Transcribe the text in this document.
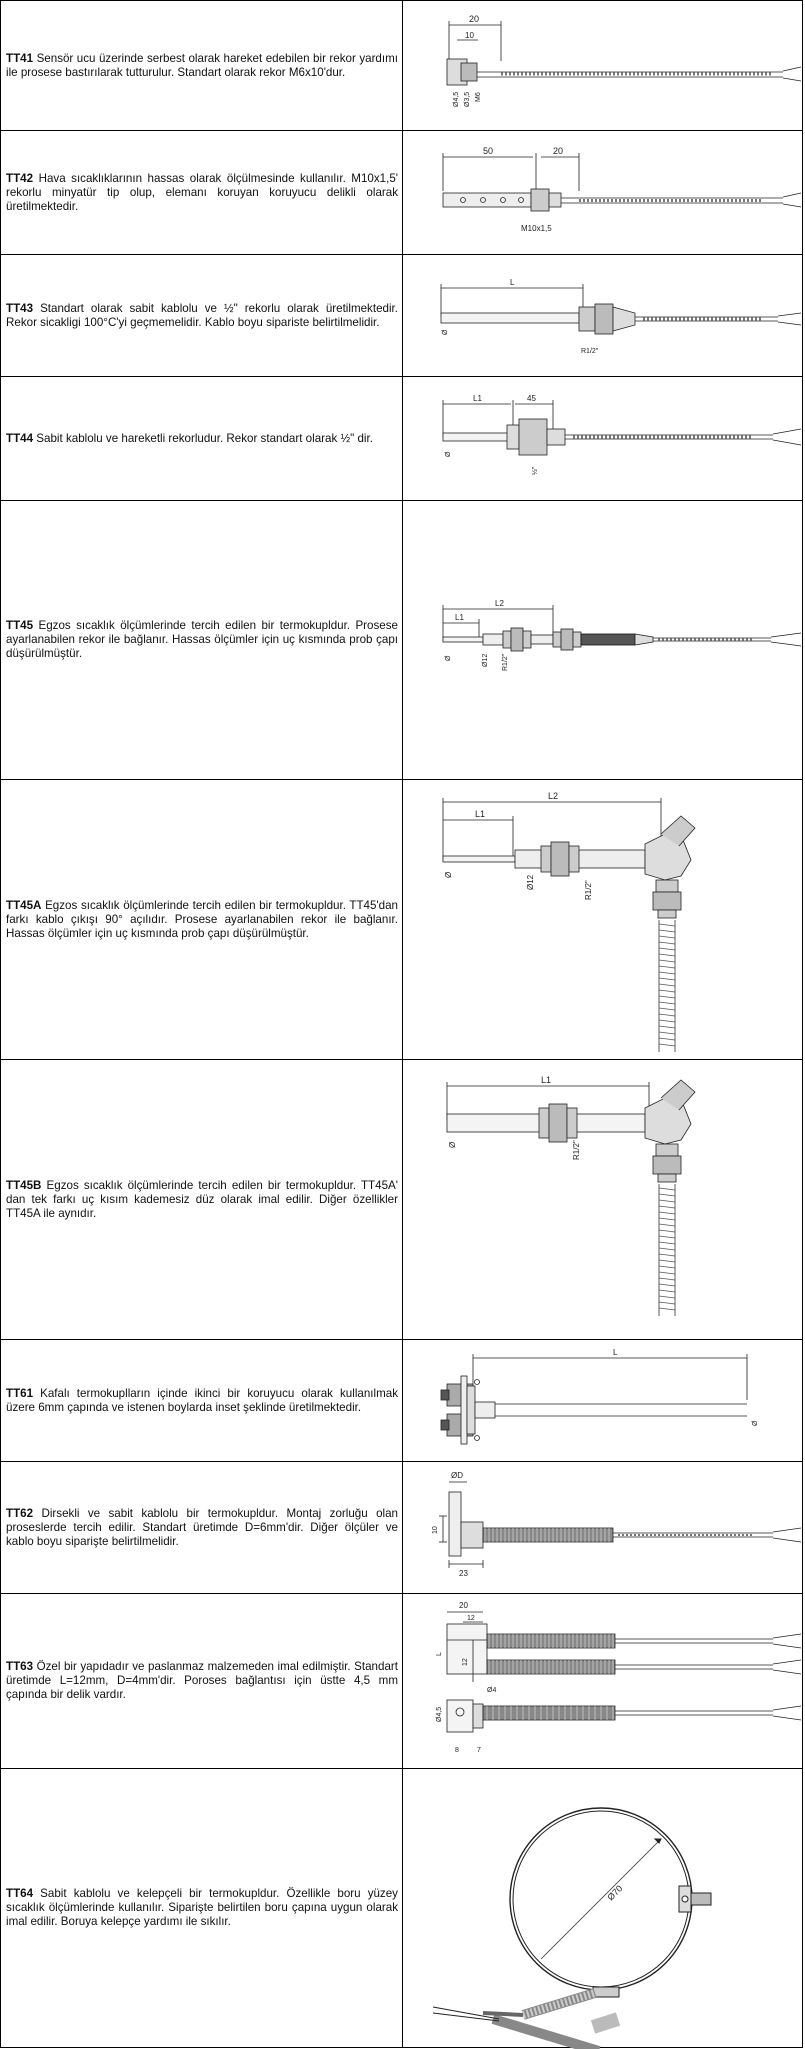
TT41 Sensör ucu üzerinde serbest olarak hareket edebilen bir rekor yardımı ile prosese bastırılarak tutturulur. Standart olarak rekor M6x10'dur.
20
10
M6
Ø3,5
Ø4,5
TT42 Hava sıcaklıklarının hassas olarak ölçülmesinde kullanılır. M10x1,5' rekorlu minyatür tip olup, elemanı koruyan koruyucu delikli olarak üretilmektedir.
50	20
M10x1,5
TT43 Standart olarak sabit kablolu ve ½" rekorlu olarak üretilmektedir. Rekor sicakligi 100°C'yi geçmemelidir. Kablo boyu sipariste belirtilmelidir.
L
Ø
R1/2"
TT44 Sabit kablolu ve hareketli rekorludur. Rekor standart olarak ½" dir.
L1	45
Ø
½"
TT45 Egzos sıcaklık ölçümlerinde tercih edilen bir termokupldur. Prosese ayarlanabilen rekor ile bağlanır. Hassas ölçümler için uç kısmında prob çapı düşürülmüştür.
L2
L1
Ø	Ø12 R1/2"
TT45A Egzos sıcaklık ölçümlerinde tercih edilen bir termokupldur. TT45'dan farkı kablo çıkışı 90° açılıdır. Prosese ayarlanabilen rekor ile bağlanır. Hassas ölçümler için uç kısmında prob çapı düşürülmüştür.
L2
L1
Ø	Ø12	R1/2"
TT45B Egzos sıcaklık ölçümlerinde tercih edilen bir termokupldur. TT45A' dan tek farkı uç kısım kademesiz düz olarak imal edilir. Diğer özellikler TT45A ile aynıdır.
L1
Ø	R1/2"
TT61 Kafalı termokuplların içinde ikinci bir koruyucu olarak kullanılmak üzere 6mm çapında ve istenen boylarda inset şeklinde üretilmektedir.
L
Ø
TT62 Dirsekli ve sabit kablolu bir termokupldur. Montaj zorluğu olan proseslerde tercih edilir. Standart üretimde D=6mm'dir. Diğer ölçüler ve kablo boyu siparişte belirtilmelidir.
ØD
10
23
TT63 Özel bir yapıdadır ve paslanmaz malzemeden imal edilmiştir. Standart üretimde L=12mm, D=4mm'dir. Poroses bağlantısı için üstte 4,5 mm çapında bir delik vardır.
20
12
L
12
Ø4
Ø4,5
8	7
TT64 Sabit kablolu ve kelepçeli bir termokupldur. Özellikle boru yüzey sıcaklık ölçümlerinde kullanılır. Siparişte belirtilen boru çapına uygun olarak imal edilir. Boruya kelepçe yardımı ile sıkılır.
Ø70
